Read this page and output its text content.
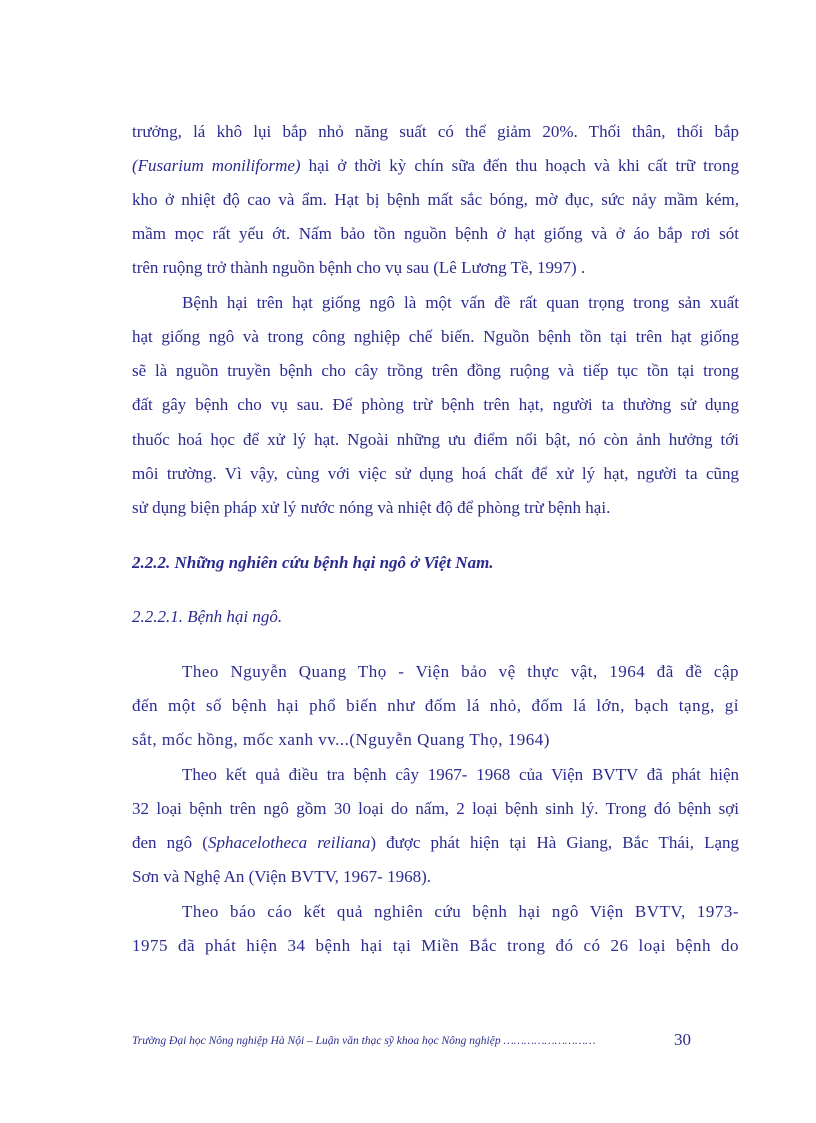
trưởng, lá khô lụi bắp nhỏ năng suất có thể giảm 20%. Thối thân, thối bắp
(Fusarium moniliforme) hại ở thời kỳ chín sữa đến thu hoạch và khi cất trữ trong
kho ở nhiệt độ cao và ẩm. Hạt bị bệnh mất sắc bóng, mờ đục, sức nảy mầm kém,
mầm mọc rất yếu ớt. Nấm bảo tồn nguồn bệnh ở hạt giống và ở áo bắp rơi sót
trên ruộng trở thành nguồn bệnh cho vụ sau (Lê Lương Tề, 1997) .
Bệnh hại trên hạt giống ngô là một vấn đề rất quan trọng trong sản xuất
hạt giống ngô và trong công nghiệp chế biến. Nguồn bệnh tồn tại trên hạt giống
sẽ là nguồn truyền bệnh cho cây trồng trên đồng ruộng và tiếp tục tồn tại trong
đất gây bệnh cho vụ sau. Để phòng trừ bệnh trên hạt, người ta thường sử dụng
thuốc hoá học để xử lý hạt. Ngoài những ưu điểm nổi bật, nó còn ảnh hưởng tới
môi trường. Vì vậy, cùng với việc sử dụng hoá chất để xử lý hạt, người ta cũng
sử dụng biện pháp xử lý nước nóng và nhiệt độ để phòng trừ bệnh hại.
2.2.2. Những nghiên cứu bệnh hại ngô ở Việt Nam.
2.2.2.1. Bệnh hại ngô.
Theo Nguyễn Quang Thọ - Viện bảo vệ thực vật, 1964 đã đề cập
đến một số bệnh hại phổ biến như đốm lá nhỏ, đốm lá lớn, bạch tạng, gỉ
sắt, mốc hồng, mốc xanh vv...(Nguyễn Quang Thọ, 1964)
Theo kết quả điều tra bệnh cây 1967- 1968 của Viện BVTV đã phát hiện
32 loại bệnh trên ngô gồm 30 loại do nấm, 2 loại bệnh sinh lý. Trong đó bệnh sợi
đen ngô (Sphacelotheca reiliana) được phát hiện tại Hà Giang, Bắc Thái, Lạng
Sơn và Nghệ An (Viện BVTV, 1967- 1968).
Theo báo cáo kết quả nghiên cứu bệnh hại ngô Viện BVTV, 1973-
1975 đã phát hiện 34 bệnh hại tại Miền Bắc trong đó có 26 loại bệnh do
Trường Đại học Nông nghiệp Hà Nội – Luận văn thạc sỹ khoa học Nông nghiệp ………………………	30
